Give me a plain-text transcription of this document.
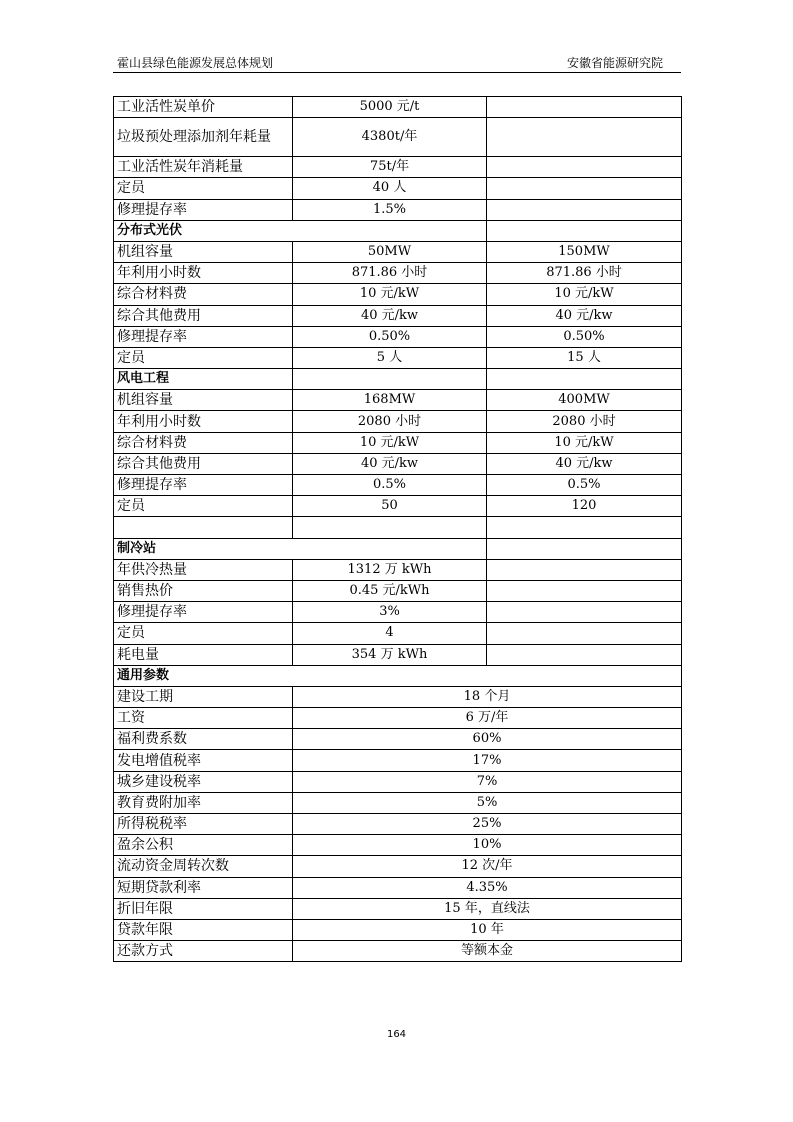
霍山县绿色能源发展总体规划	安徽省能源研究院
工业活性炭单价	5000 元/t	
垃圾预处理添加剂年耗量	4380t/年	
工业活性炭年消耗量	75t/年	
定员	40 人	
修理提存率	1.5%	
分布式光伏		
机组容量	50MW	150MW
年利用小时数	871.86 小时	871.86 小时
综合材料费	10 元/kW	10 元/kW
综合其他费用	40 元/kw	40 元/kw
修理提存率	0.50%	0.50%
定员	5 人	15 人
风电工程		
机组容量	168MW	400MW
年利用小时数	2080 小时	2080 小时
综合材料费	10 元/kW	10 元/kW
综合其他费用	40 元/kw	40 元/kw
修理提存率	0.5%	0.5%
定员	50	120

制冷站		
年供冷热量	1312 万 kWh	
销售热价	0.45 元/kWh	
修理提存率	3%	
定员	4	
耗电量	354 万 kWh	
通用参数		
建设工期	18 个月	
工资	6 万/年	
福利费系数	60%	
发电增值税率	17%	
城乡建设税率	7%	
教育费附加率	5%	
所得税税率	25%	
盈余公积	10%	
流动资金周转次数	12 次/年	
短期贷款利率	4.35%	
折旧年限	15 年，直线法	
贷款年限	10 年	
还款方式	等额本金	
164
